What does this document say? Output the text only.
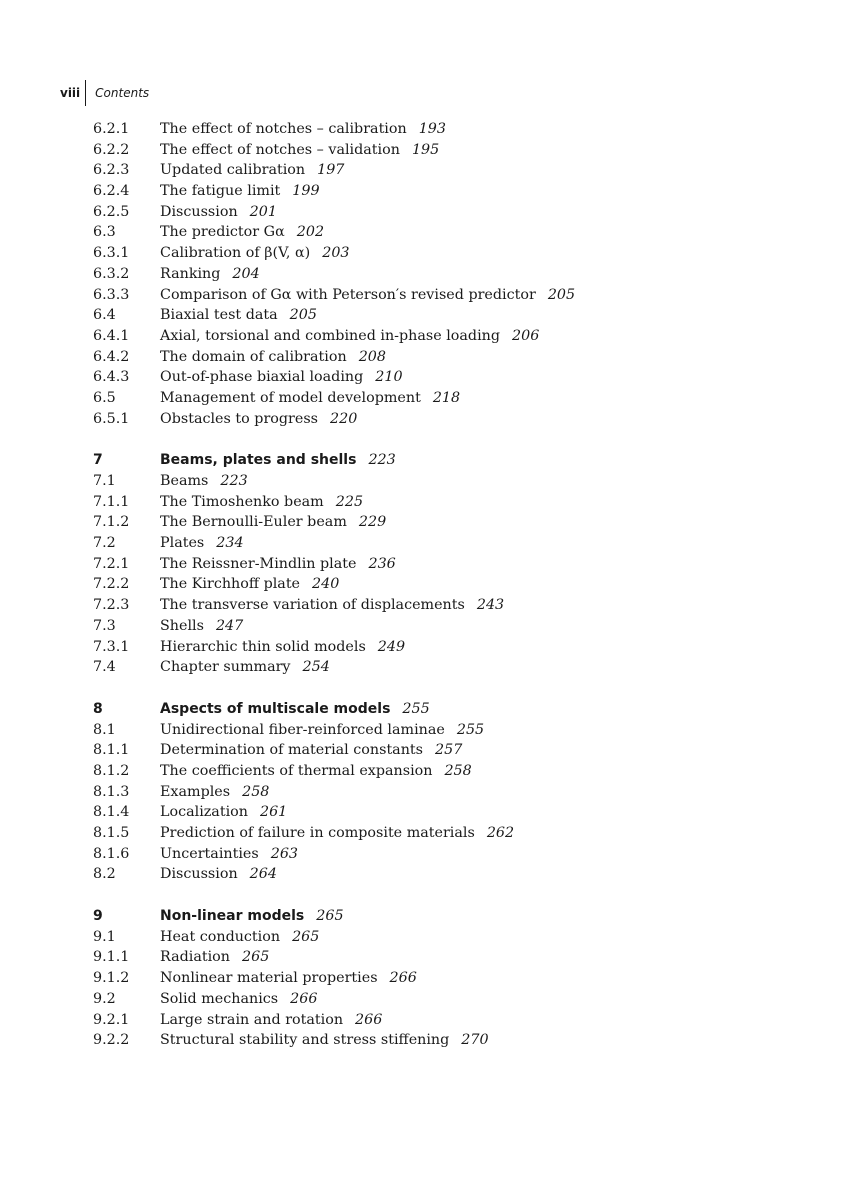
viii	Contents
6.2.1 The effect of notches – calibration 193
6.2.2 The effect of notches – validation 195
6.2.3 Updated calibration 197
6.2.4 The fatigue limit 199
6.2.5 Discussion 201
6.3	The predictor Gα 202
6.3.1 Calibration of β(V, α) 203
6.3.2 Ranking 204
6.3.3 Comparison of Gα with Peterson′s revised predictor 205
6.4	Biaxial test data 205
6.4.1 Axial, torsional and combined in-phase loading 206
6.4.2 The domain of calibration 208
6.4.3 Out-of-phase biaxial loading 210
6.5	Management of model development 218
6.5.1 Obstacles to progress 220
7	Beams, plates and shells 223
7.1	Beams 223
7.1.1 The Timoshenko beam 225
7.1.2 The Bernoulli-Euler beam 229
7.2	Plates 234
7.2.1 The Reissner-Mindlin plate 236
7.2.2 The Kirchhoff plate 240
7.2.3 The transverse variation of displacements 243
7.3	Shells 247
7.3.1 Hierarchic thin solid models 249
7.4	Chapter summary 254
8	Aspects of multiscale models 255
8.1	Unidirectional fiber-reinforced laminae 255
8.1.1 Determination of material constants 257
8.1.2 The coefficients of thermal expansion 258
8.1.3 Examples 258
8.1.4 Localization 261
8.1.5 Prediction of failure in composite materials 262
8.1.6 Uncertainties 263
8.2	Discussion 264
9	Non-linear models 265
9.1	Heat conduction 265
9.1.1 Radiation 265
9.1.2 Nonlinear material properties 266
9.2	Solid mechanics 266
9.2.1 Large strain and rotation 266
9.2.2 Structural stability and stress stiffening 270
